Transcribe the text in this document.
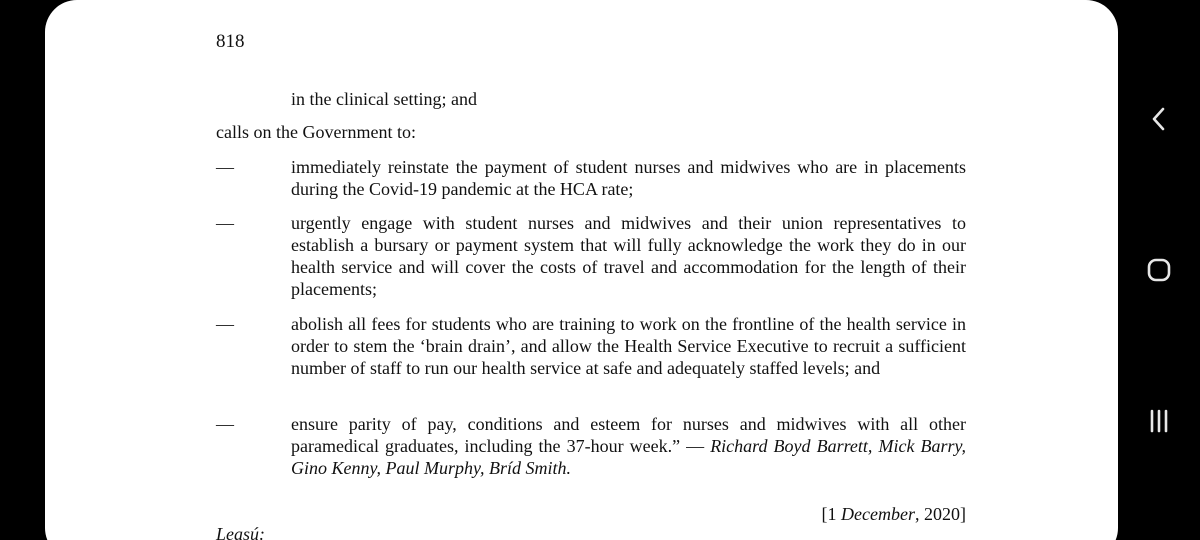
818
in the clinical setting; and
calls on the Government to:
—	immediately reinstate the payment of student nurses and midwives who are in placements during the Covid-19 pandemic at the HCA rate;
—	urgently engage with student nurses and midwives and their union representatives to establish a bursary or payment system that will fully acknowledge the work they do in our health service and will cover the costs of travel and accommodation for the length of their placements;
—	abolish all fees for students who are training to work on the frontline of the health service in order to stem the ‘brain drain’, and allow the Health Service Executive to recruit a sufficient number of staff to run our health service at safe and adequately staffed levels; and
—	ensure parity of pay, conditions and esteem for nurses and midwives with all other paramedical graduates, including the 37-hour week.” — Richard Boyd Barrett, Mick Barry, Gino Kenny, Paul Murphy, Bríd Smith.
[1 December, 2020]
Leasú:
